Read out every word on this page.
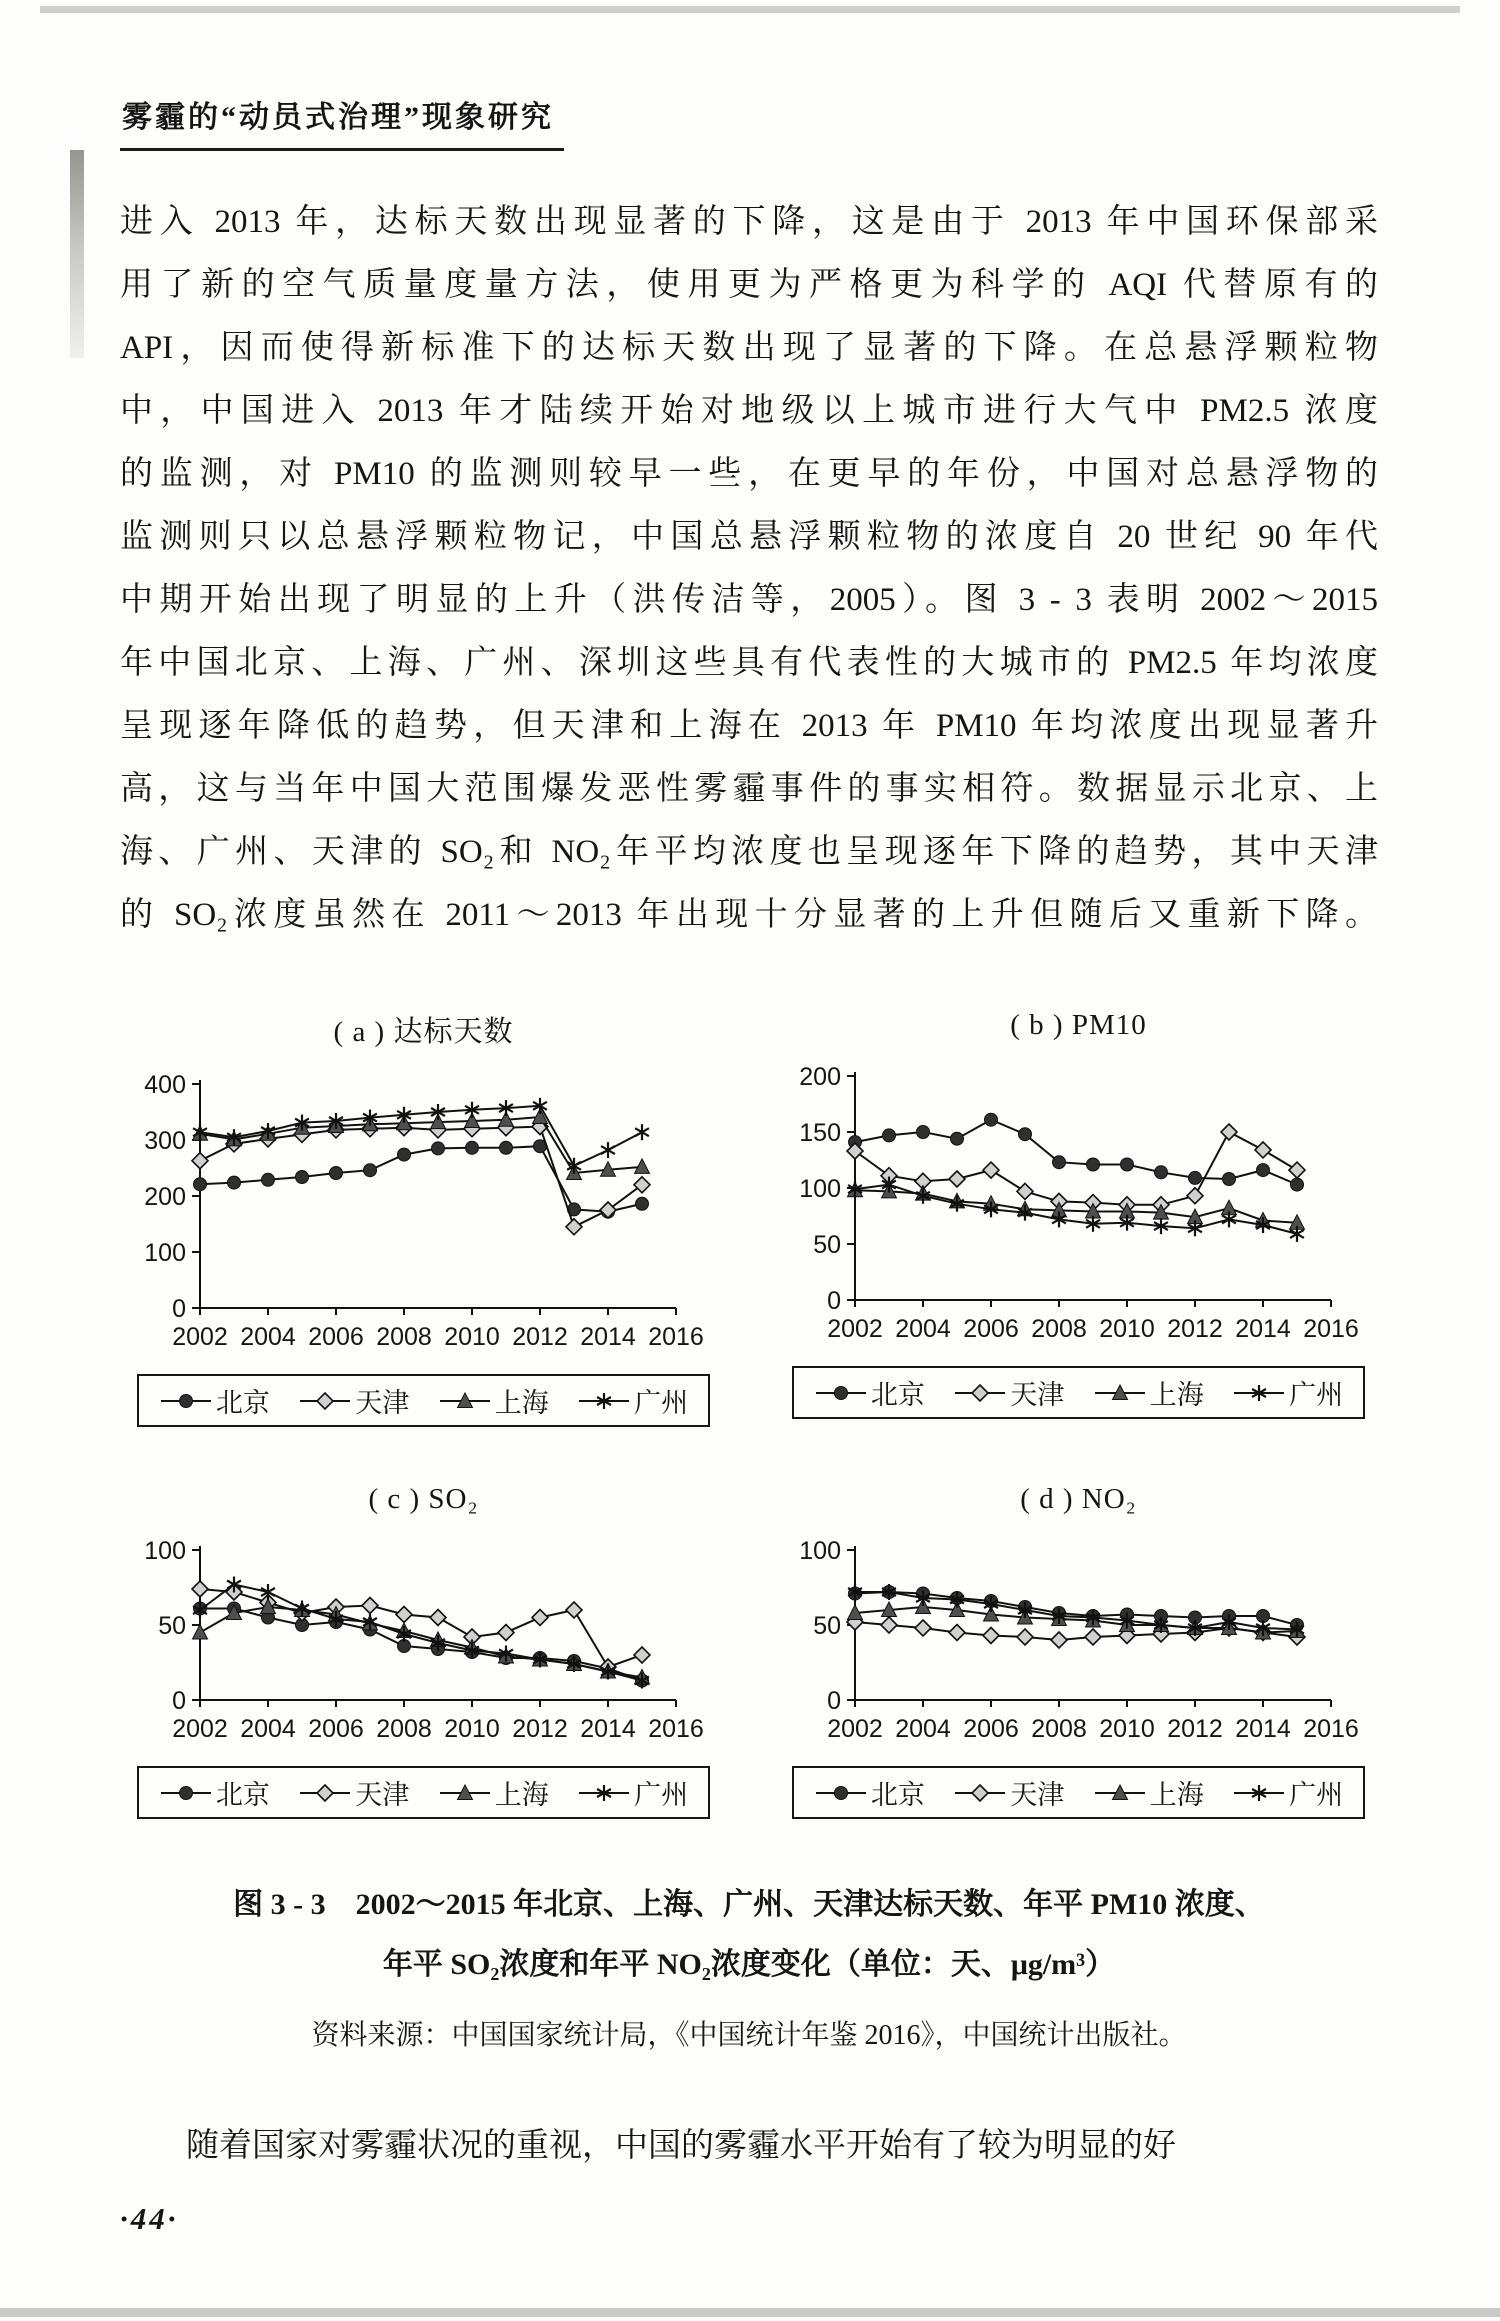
雾霾的“动员式治理”现象研究
进入 2013 年，达标天数出现显著的下降，这是由于 2013 年中国环保部采
用了新的空气质量度量方法，使用更为严格更为科学的 AQI 代替原有的
API，因而使得新标准下的达标天数出现了显著的下降。在总悬浮颗粒物
中，中国进入 2013 年才陆续开始对地级以上城市进行大气中 PM2.5 浓度
的监测，对 PM10 的监测则较早一些，在更早的年份，中国对总悬浮物的
监测则只以总悬浮颗粒物记，中国总悬浮颗粒物的浓度自 20 世纪 90 年代
中期开始出现了明显的上升（洪传洁等，2005）。图 3 - 3 表明 2002～2015
年中国北京、上海、广州、深圳这些具有代表性的大城市的 PM2.5 年均浓度
呈现逐年降低的趋势，但天津和上海在 2013 年 PM10 年均浓度出现显著升
高，这与当年中国大范围爆发恶性雾霾事件的事实相符。数据显示北京、上
海、广州、天津的 SO₂和 NO₂年平均浓度也呈现逐年下降的趋势，其中天津
的 SO₂浓度虽然在 2011～2013 年出现十分显著的上升但随后又重新下降。
( a ) 达标天数
0
100
200
300
400
2002 2004 2006 2008 2010 2012 2014 2016
北京	天津	上海	广州
( b ) PM10
0
50
100
150
200
2002 2004 2006 2008 2010 2012 2014 2016
北京	天津	上海	广州
( c ) SO₂
0
50
100
2002 2004 2006 2008 2010 2012 2014 2016
北京	天津	上海	广州
( d ) NO₂
0
50
100
2002 2004 2006 2008 2010 2012 2014 2016
北京	天津	上海	广州
图 3 - 3　2002～2015 年北京、上海、广州、天津达标天数、年平 PM10 浓度、
年平 SO₂浓度和年平 NO₂浓度变化（单位：天、μg/m³）
资料来源：中国国家统计局，《中国统计年鉴 2016》，中国统计出版社。

随着国家对雾霾状况的重视，中国的雾霾水平开始有了较为明显的好

·44·
